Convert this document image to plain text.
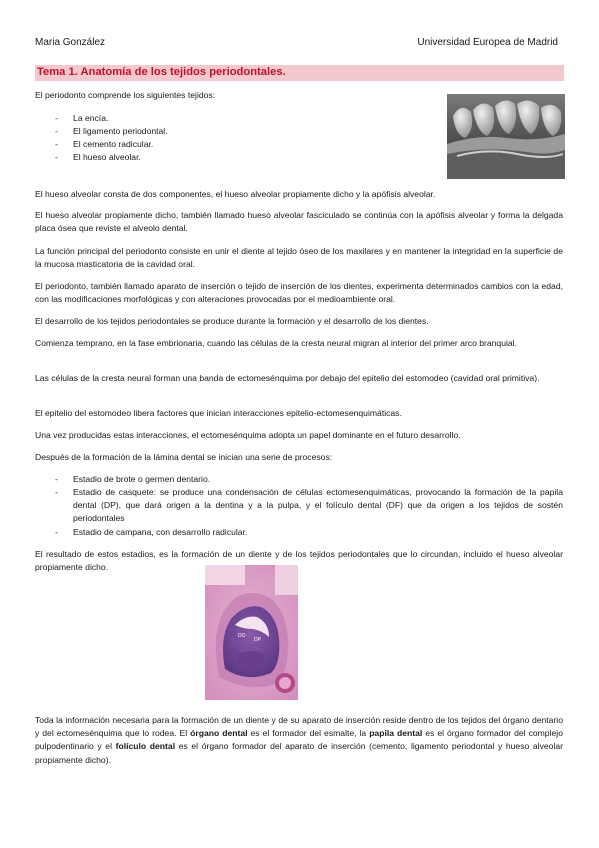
Maria González	Universidad Europea de Madrid
Tema 1. Anatomía de los tejidos periodontales.
El periodonto comprende los siguientes tejidos:
- La encía.
- El ligamento periodontal.
- El cemento radicular.
- El hueso alveolar.
El hueso alveolar consta de dos componentes, el hueso alveolar propiamente dicho y la apófisis alveolar.
El hueso alveolar propiamente dicho, también llamado hueso alveolar fasciculado se continúa con la apófisis alveolar y forma la delgada placa ósea que reviste el alveolo dental.
La función principal del periodonto consiste en unir el diente al tejido óseo de los maxilares y en mantener la integridad en la superficie de la mucosa masticatoria de la cavidad oral.
El periodonto, también llamado aparato de inserción o tejido de inserción de los dientes, experimenta determinados cambios con la edad, con las modificaciones morfológicas y con alteraciones provocadas por el medioambiente oral.
El desarrollo de los tejidos periodontales se produce durante la formación y el desarrollo de los dientes.
Comienza temprano, en la fase embrionaria, cuando las células de la cresta neural migran al interior del primer arco branquial.
Las células de la cresta neural forman una banda de ectomesénquima por debajo del epitelio del estomodeo (cavidad oral primitiva).
El epitelio del estomodeo libera factores que inician interacciones epitelio-ectomesenquimáticas.
Una vez producidas estas interacciones, el ectomesénquima adopta un papel dominante en el futuro desarrollo.
Después de la formación de la lámina dental se inician una serie de procesos:
- Estadio de brote o germen dentario.
- Estadio de casquete: se produce una condensación de células ectomesenquimáticas, provocando la formación de la papila dental (DP), que dará origen a la dentina y a la pulpa, y el folículo dental (DF) que da origen a los tejidos de sostén periodontales
- Estadio de campana, con desarrollo radicular.
El resultado de estos estadios, es la formación de un diente y de los tejidos periodontales que lo circundan, incluido el hueso alveolar propiamente dicho.
DO
DP
Toda la información necesaria para la formación de un diente y de su aparato de inserción reside dentro de los tejidos del órgano dentario y del ectomesénquima que lo rodea. El órgano dental es el formador del esmalte, la papila dental es el órgano formador del complejo pulpodentinario y el folículo dental es el órgano formador del aparato de inserción (cemento, ligamento periodontal y hueso alveolar propiamente dicho).
